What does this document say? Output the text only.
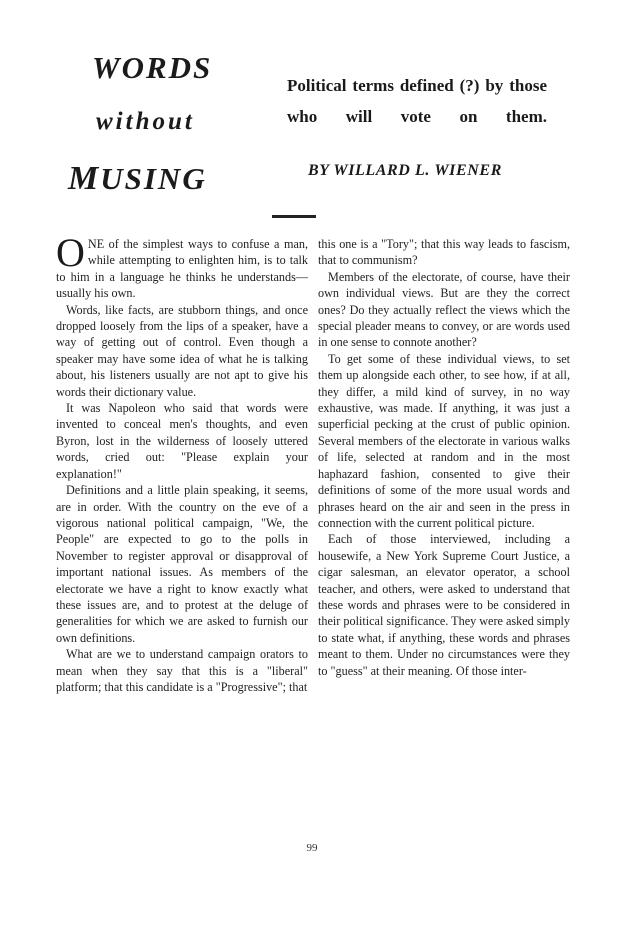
WORDS
without
MUSING

Political terms defined (?) by those who will vote on them.

BY WILLARD L. WIENER

ONE of the simplest ways to confuse a man, while attempting to enlighten him, is to talk to him in a language he thinks he understands—usually his own.

Words, like facts, are stubborn things, and once dropped loosely from the lips of a speaker, have a way of getting out of control. Even though a speaker may have some idea of what he is talking about, his listeners usually are not apt to give his words their dictionary value.

It was Napoleon who said that words were invented to conceal men's thoughts, and even Byron, lost in the wilderness of loosely uttered words, cried out: "Please explain your explanation!"

Definitions and a little plain speaking, it seems, are in order. With the country on the eve of a vigorous national political campaign, "We, the People" are expected to go to the polls in November to register approval or disapproval of important national issues. As members of the electorate we have a right to know exactly what these issues are, and to protest at the deluge of generalities for which we are asked to furnish our own definitions.

What are we to understand campaign orators to mean when they say that this is a "liberal" platform; that this candidate is a "Progressive"; that

this one is a "Tory"; that this way leads to fascism, that to communism?

Members of the electorate, of course, have their own individual views. But are they the correct ones? Do they actually reflect the views which the special pleader means to convey, or are words used in one sense to connote another?

To get some of these individual views, to set them up alongside each other, to see how, if at all, they differ, a mild kind of survey, in no way exhaustive, was made. If anything, it was just a superficial pecking at the crust of public opinion. Several members of the electorate in various walks of life, selected at random and in the most haphazard fashion, consented to give their definitions of some of the more usual words and phrases heard on the air and seen in the press in connection with the current political picture.

Each of those interviewed, including a housewife, a New York Supreme Court Justice, a cigar salesman, an elevator operator, a school teacher, and others, were asked to understand that these words and phrases were to be considered in their political significance. They were asked simply to state what, if anything, these words and phrases meant to them. Under no circumstances were they to "guess" at their meaning. Of those inter-

99
